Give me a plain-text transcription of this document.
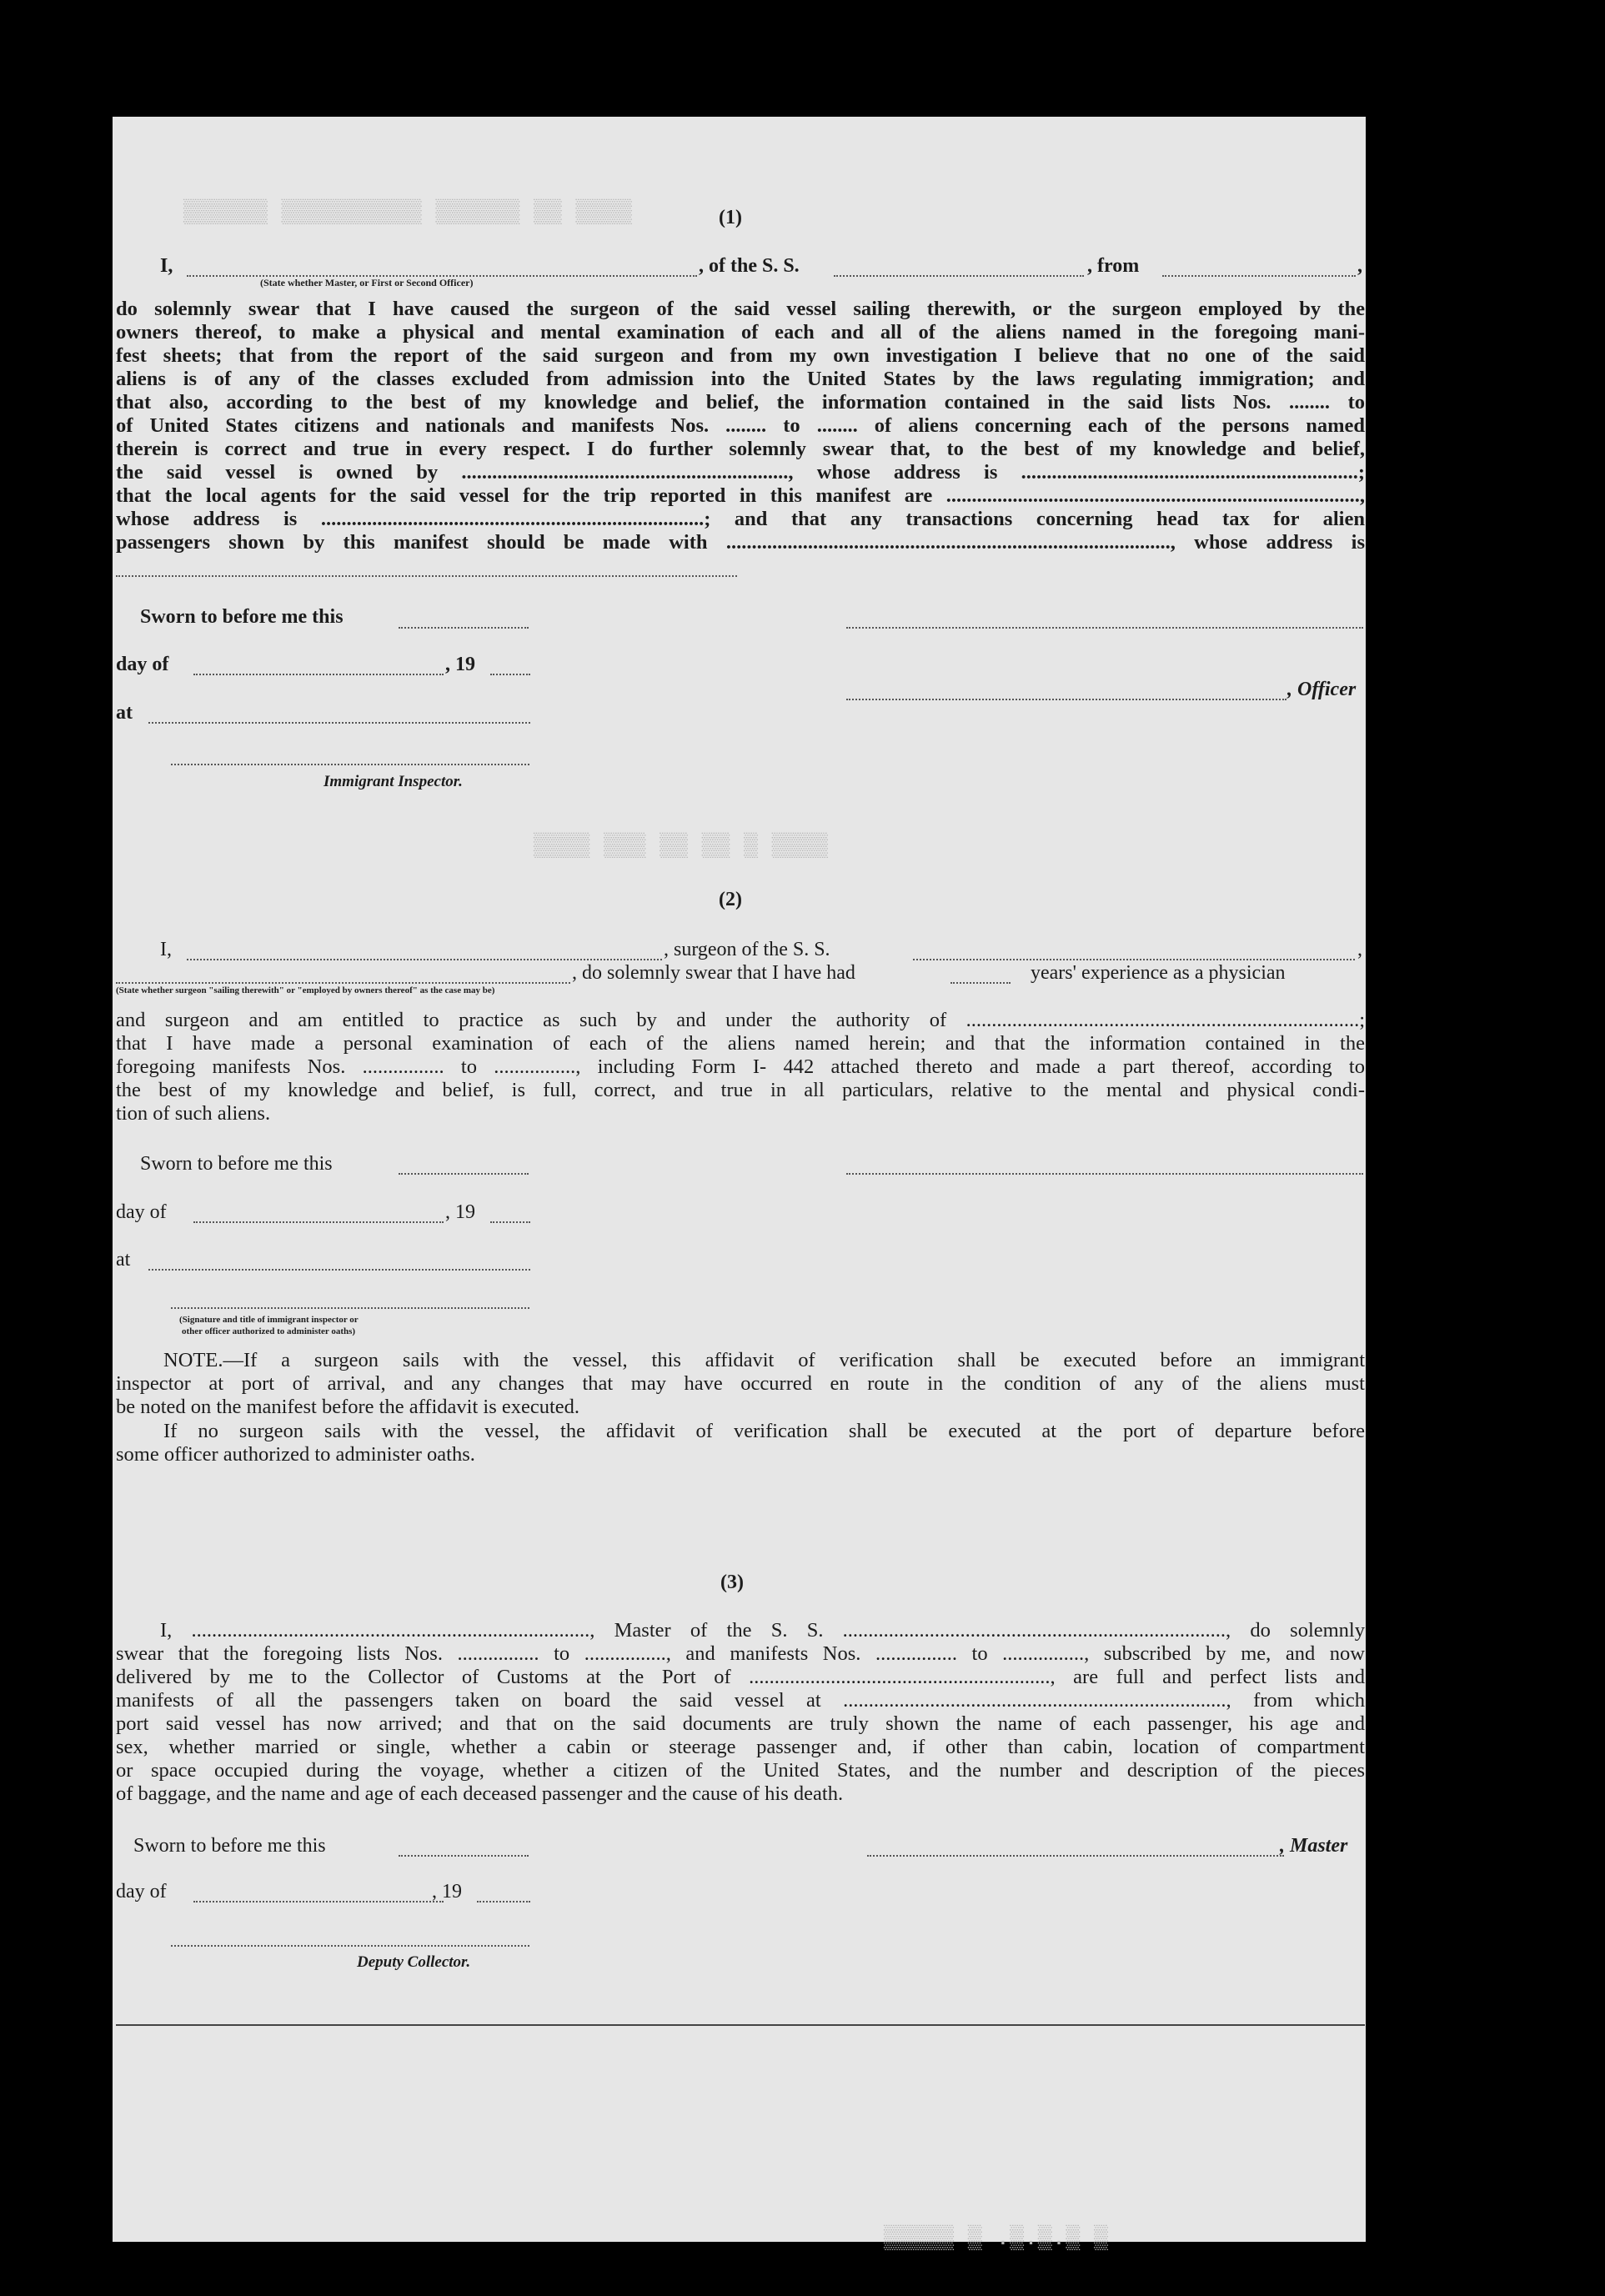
▒▒▒▒ ▒▒ ▒▒▒▒▒▒ ▒▒▒▒▒▒▒▒▒▒ ▒▒▒▒▒▒
▒▒▒▒ ▒ ▒▒ ▒▒ ▒▒▒ ▒▒▒▒
▒ ▒.▒.▒. ▒ ▒▒▒▒▒
(1)
I,	, of the S. S.	, from	,
(State whether Master, or First or Second Officer)
do solemnly swear that I have caused the surgeon of the said vessel sailing therewith, or the surgeon employed by the
owners thereof, to make a physical and mental examination of each and all of the aliens named in the foregoing mani-
fest sheets; that from the report of the said surgeon and from my own investigation I believe that no one of the said
aliens is of any of the classes excluded from admission into the United States by the laws regulating immigration; and
that also, according to the best of my knowledge and belief, the information contained in the said lists Nos. ........ to
of United States citizens and nationals and manifests Nos. ........ to ........ of aliens concerning each of the persons named
therein is correct and true in every respect. I do further solemnly swear that, to the best of my knowledge and belief,
the said vessel is owned by ................................................................, whose address is ..................................................................;
that the local agents for the said vessel for the trip reported in this manifest are .................................................................................,
whose address is ...........................................................................; and that any transactions concerning head tax for alien
passengers shown by this manifest should be made with ......................................................................................., whose address is
Sworn to before me this
day of	, 19
, Officer
at
Immigrant Inspector.
(2)
I,	, surgeon of the S. S.	,
, do solemnly swear that I have had	years' experience as a physician
(State whether surgeon "sailing therewith" or "employed by owners thereof" as the case may be)
and surgeon and am entitled to practice as such by and under the authority of .............................................................................;
that I have made a personal examination of each of the aliens named herein; and that the information contained in the
foregoing manifests Nos. ................ to ................, including Form I- 442 attached thereto and made a part thereof, according to
the best of my knowledge and belief, is full, correct, and true in all particulars, relative to the mental and physical condi-
tion of such aliens.
Sworn to before me this
day of	, 19
at
(Signature and title of immigrant inspector or
other officer authorized to administer oaths)
NOTE.—If a surgeon sails with the vessel, this affidavit of verification shall be executed before an immigrant
inspector at port of arrival, and any changes that may have occurred en route in the condition of any of the aliens must
be noted on the manifest before the affidavit is executed.
If no surgeon sails with the vessel, the affidavit of verification shall be executed at the port of departure before
some officer authorized to administer oaths.
(3)
I, .............................................................................., Master of the S. S. ..........................................................................., do solemnly
swear that the foregoing lists Nos. ................ to ................, and manifests Nos. ................ to ................, subscribed by me, and now
delivered by me to the Collector of Customs at the Port of ..........................................................., are full and perfect lists and
manifests of all the passengers taken on board the said vessel at ..........................................................................., from which
port said vessel has now arrived; and that on the said documents are truly shown the name of each passenger, his age and
sex, whether married or single, whether a cabin or steerage passenger and, if other than cabin, location of compartment
or space occupied during the voyage, whether a citizen of the United States, and the number and description of the pieces
of baggage, and the name and age of each deceased passenger and the cause of his death.
Sworn to before me this	, Master
day of	, 19
Deputy Collector.
